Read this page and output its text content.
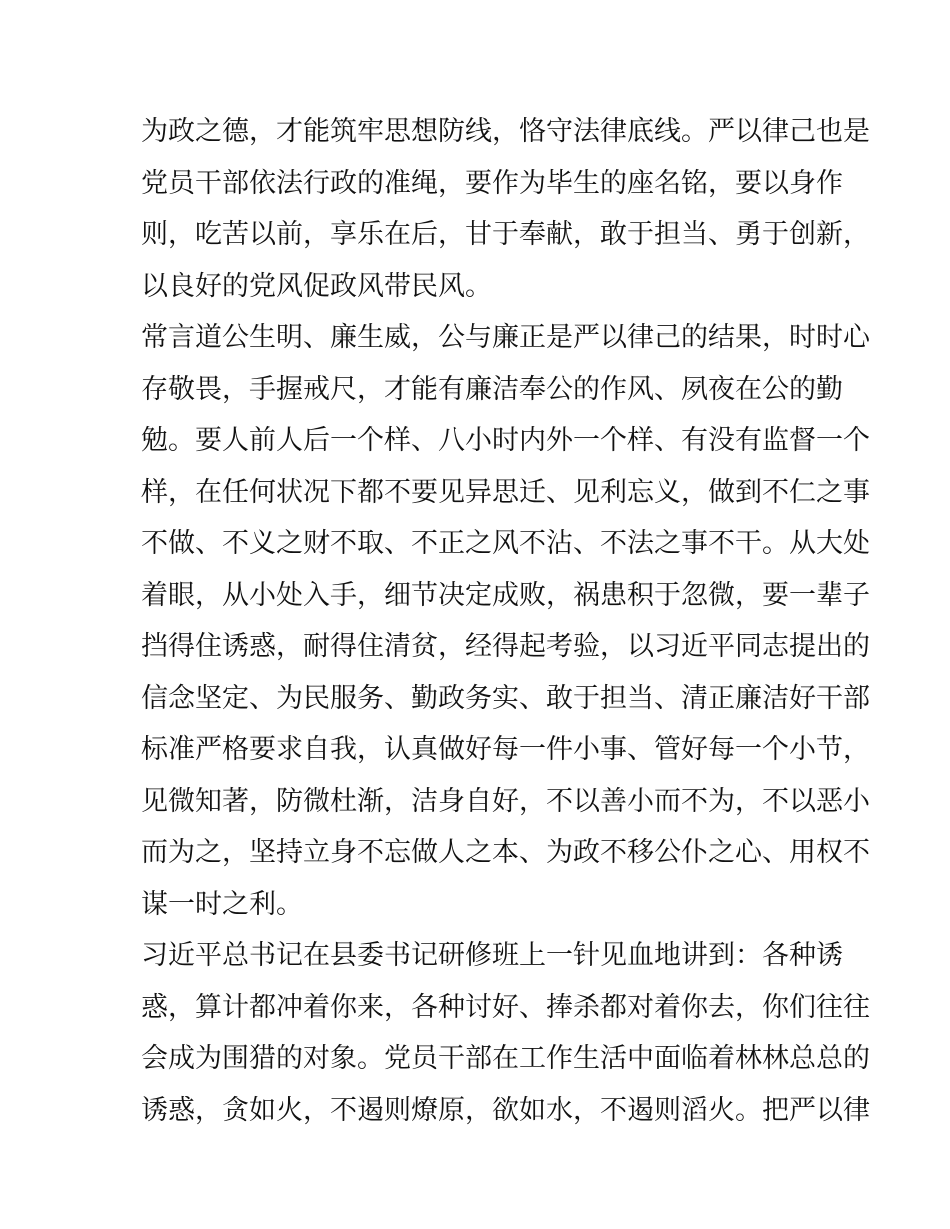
为政之德，才能筑牢思想防线，恪守法律底线。严以律己也是
党员干部依法行政的准绳，要作为毕生的座名铭，要以身作
则，吃苦以前，享乐在后，甘于奉献，敢于担当、勇于创新，
以良好的党风促政风带民风。
常言道公生明、廉生威，公与廉正是严以律己的结果，时时心
存敬畏，手握戒尺，才能有廉洁奉公的作风、夙夜在公的勤
勉。要人前人后一个样、八小时内外一个样、有没有监督一个
样，在任何状况下都不要见异思迁、见利忘义，做到不仁之事
不做、不义之财不取、不正之风不沾、不法之事不干。从大处
着眼，从小处入手，细节决定成败，祸患积于忽微，要一辈子
挡得住诱惑，耐得住清贫，经得起考验，以习近平同志提出的
信念坚定、为民服务、勤政务实、敢于担当、清正廉洁好干部
标准严格要求自我，认真做好每一件小事、管好每一个小节，
见微知著，防微杜渐，洁身自好，不以善小而不为，不以恶小
而为之，坚持立身不忘做人之本、为政不移公仆之心、用权不
谋一时之利。
习近平总书记在县委书记研修班上一针见血地讲到：各种诱
惑，算计都冲着你来，各种讨好、捧杀都对着你去，你们往往
会成为围猎的对象。党员干部在工作生活中面临着林林总总的
诱惑，贪如火，不遏则燎原，欲如水，不遏则滔火。把严以律
